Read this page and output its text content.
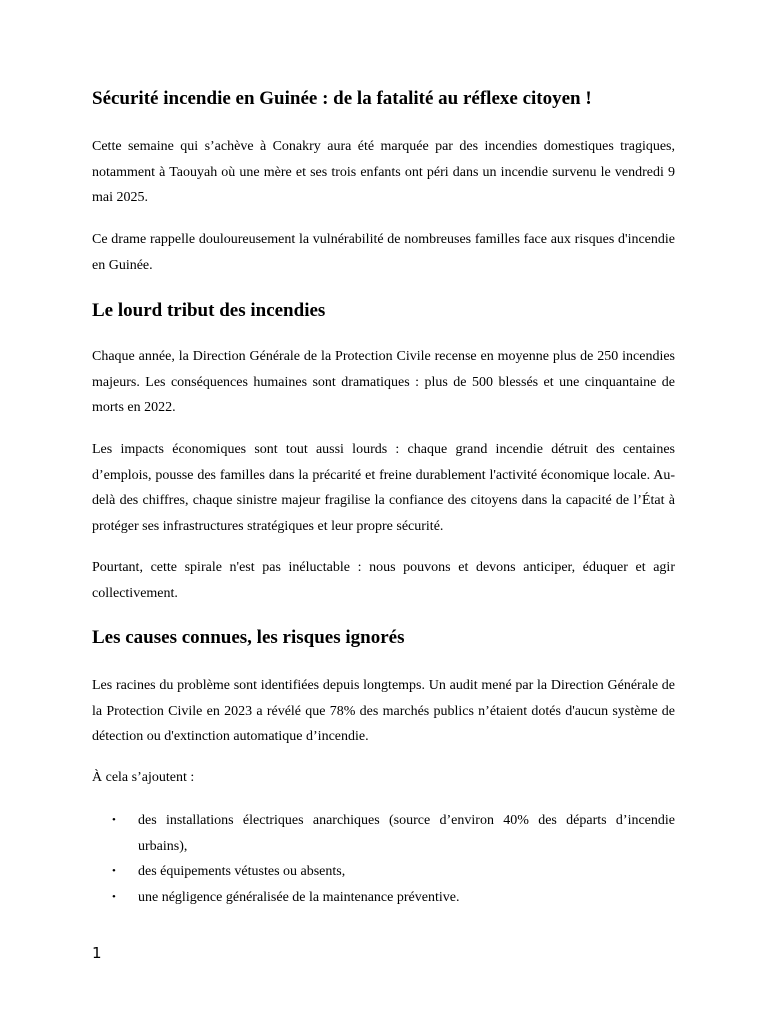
Sécurité incendie en Guinée : de la fatalité au réflexe citoyen !
Cette semaine qui s’achève à Conakry aura été marquée par des incendies domestiques tragiques, notamment à Taouyah où une mère et ses trois enfants ont péri dans un incendie survenu le vendredi 9 mai 2025.
Ce drame rappelle douloureusement la vulnérabilité de nombreuses familles face aux risques d'incendie en Guinée.
Le lourd tribut des incendies
Chaque année, la Direction Générale de la Protection Civile recense en moyenne plus de 250 incendies majeurs. Les conséquences humaines sont dramatiques : plus de 500 blessés et une cinquantaine de morts en 2022.
Les impacts économiques sont tout aussi lourds : chaque grand incendie détruit des centaines d’emplois, pousse des familles dans la précarité et freine durablement l'activité économique locale. Au-delà des chiffres, chaque sinistre majeur fragilise la confiance des citoyens dans la capacité de l’État à protéger ses infrastructures stratégiques et leur propre sécurité.
Pourtant, cette spirale n'est pas inéluctable : nous pouvons et devons anticiper, éduquer et agir collectivement.
Les causes connues, les risques ignorés
Les racines du problème sont identifiées depuis longtemps. Un audit mené par la Direction Générale de la Protection Civile en 2023 a révélé que 78% des marchés publics n’étaient dotés d'aucun système de détection ou d'extinction automatique d’incendie.
À cela s’ajoutent :
• des installations électriques anarchiques (source d’environ 40% des départs d’incendie urbains),
• des équipements vétustes ou absents,
• une négligence généralisée de la maintenance préventive.
1
